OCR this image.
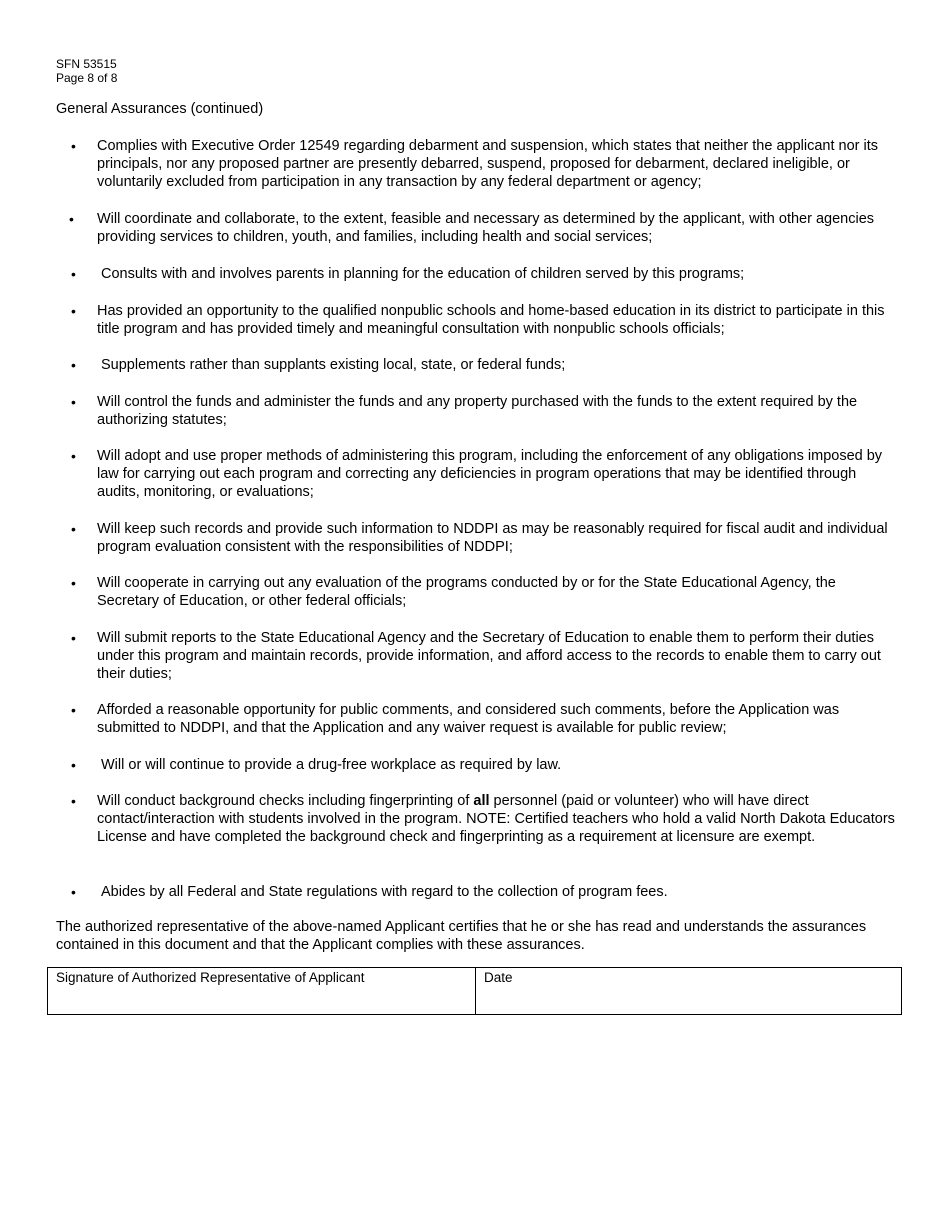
SFN 53515
Page 8 of 8
General Assurances (continued)
• Complies with Executive Order 12549 regarding debarment and suspension, which states that neither the applicant nor its principals, nor any proposed partner are presently debarred, suspend, proposed for debarment, declared ineligible, or voluntarily excluded from participation in any transaction by any federal department or agency;
• Will coordinate and collaborate, to the extent, feasible and necessary as determined by the applicant, with other agencies providing services to children, youth, and families, including health and social services;
• Consults with and involves parents in planning for the education of children served by this programs;
• Has provided an opportunity to the qualified nonpublic schools and home-based education in its district to participate in this title program and has provided timely and meaningful consultation with nonpublic schools officials;
• Supplements rather than supplants existing local, state, or federal funds;
• Will control the funds and administer the funds and any property purchased with the funds to the extent required by the authorizing statutes;
• Will adopt and use proper methods of administering this program, including the enforcement of any obligations imposed by law for carrying out each program and correcting any deficiencies in program operations that may be identified through audits, monitoring, or evaluations;
• Will keep such records and provide such information to NDDPI as may be reasonably required for fiscal audit and individual program evaluation consistent with the responsibilities of NDDPI;
• Will cooperate in carrying out any evaluation of the programs conducted by or for the State Educational Agency, the Secretary of Education, or other federal officials;
• Will submit reports to the State Educational Agency and the Secretary of Education to enable them to perform their duties under this program and maintain records, provide information, and afford access to the records to enable them to carry out their duties;
• Afforded a reasonable opportunity for public comments, and considered such comments, before the Application was submitted to NDDPI, and that the Application and any waiver request is available for public review;
• Will or will continue to provide a drug-free workplace as required by law.
• Will conduct background checks including fingerprinting of all personnel (paid or volunteer) who will have direct contact/interaction with students involved in the program. NOTE: Certified teachers who hold a valid North Dakota Educators License and have completed the background check and fingerprinting as a requirement at licensure are exempt.
• Abides by all Federal and State regulations with regard to the collection of program fees.
The authorized representative of the above-named Applicant certifies that he or she has read and understands the assurances contained in this document and that the Applicant complies with these assurances.
Signature of Authorized Representative of Applicant	Date
